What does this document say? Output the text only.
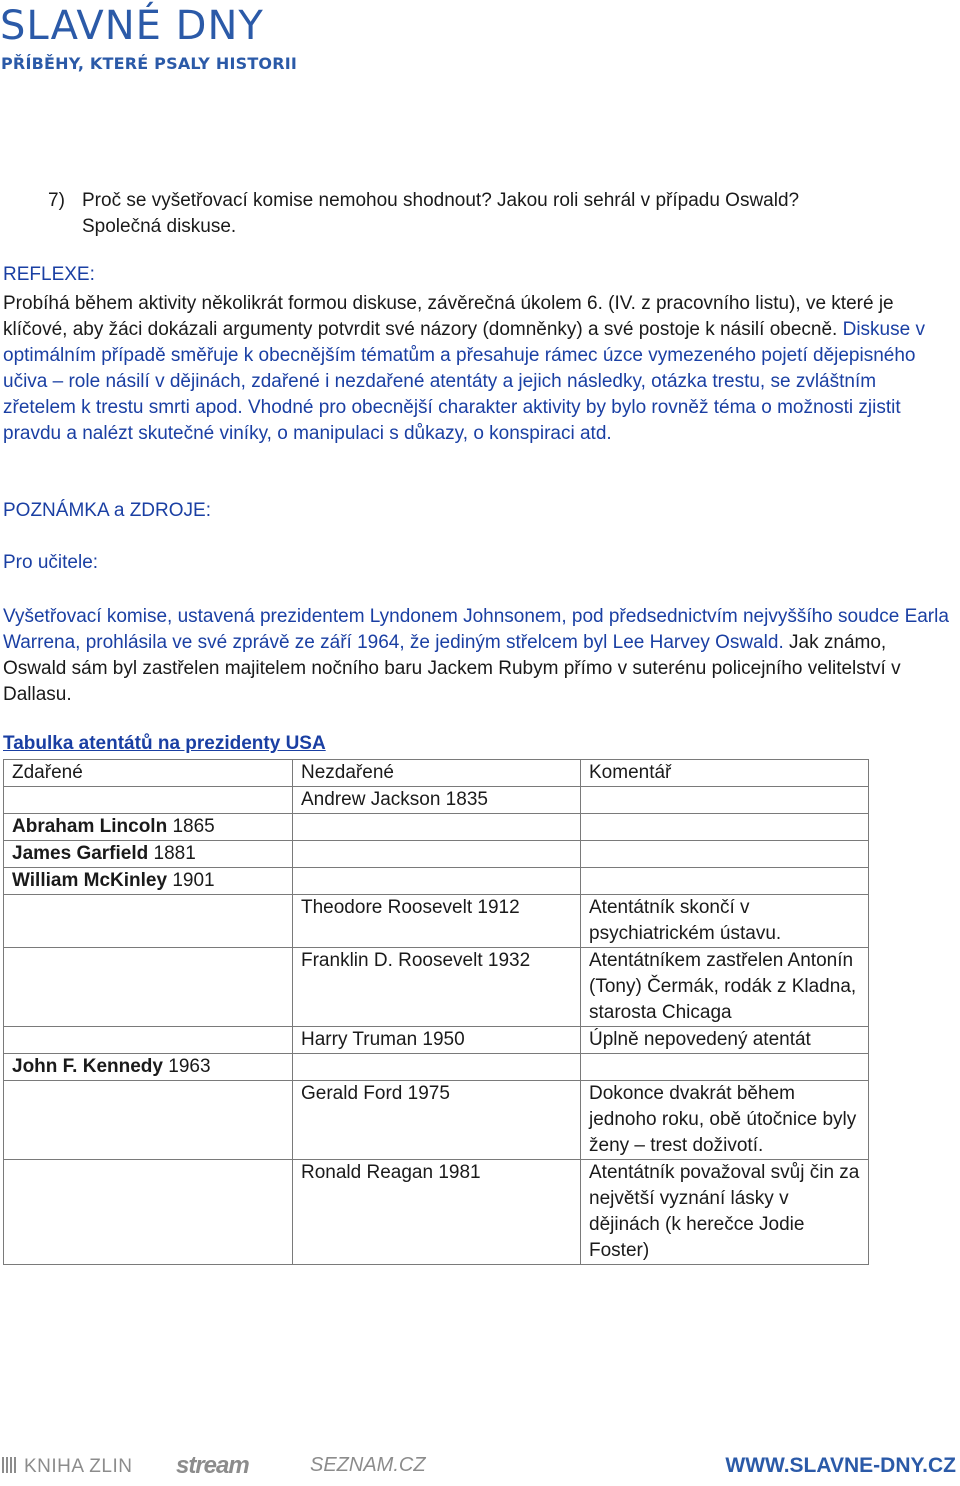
SLAVNÉ DNY
PŘÍBĚHY, KTERÉ PSALY HISTORII
7) Proč se vyšetřovací komise nemohou shodnout? Jakou roli sehrál v případu Oswald?
Společná diskuse.
REFLEXE:
Probíhá během aktivity několikrát formou diskuse, závěrečná úkolem 6. (IV. z pracovního listu), ve které je klíčové, aby žáci dokázali argumenty potvrdit své názory (domněnky) a své postoje k násilí obecně. Diskuse v optimálním případě směřuje k obecnějším tématům a přesahuje rámec úzce vymezeného pojetí dějepisného učiva – role násilí v dějinách, zdařené i nezdařené atentáty a jejich následky, otázka trestu, se zvláštním zřetelem k trestu smrti apod. Vhodné pro obecnější charakter aktivity by bylo rovněž téma o možnosti zjistit pravdu a nalézt skutečné viníky, o manipulaci s důkazy, o konspiraci atd.
POZNÁMKA a ZDROJE:
Pro učitele:
Vyšetřovací komise, ustavená prezidentem Lyndonem Johnsonem, pod předsednictvím nejvyššího soudce Earla Warrena, prohlásila ve své zprávě ze září 1964, že jediným střelcem byl Lee Harvey Oswald. Jak známo, Oswald sám byl zastřelen majitelem nočního baru Jackem Rubym přímo v suterénu policejního velitelství v Dallasu.
Tabulka atentátů na prezidenty USA
Zdařené	Nezdařené	Komentář
	Andrew Jackson 1835	
Abraham Lincoln 1865		
James Garfield 1881		
William McKinley 1901		
	Theodore Roosevelt 1912	Atentátník skončí v psychiatrickém ústavu.
	Franklin D. Roosevelt 1932	Atentátníkem zastřelen Antonín (Tony) Čermák, rodák z Kladna, starosta Chicaga
	Harry Truman 1950	Úplně nepovedený atentát
John F. Kennedy 1963		
	Gerald Ford 1975	Dokonce dvakrát během jednoho roku, obě útočnice byly ženy – trest doživotí.
	Ronald Reagan 1981	Atentátník považoval svůj čin za největší vyznání lásky v dějinách (k herečce Jodie Foster)
KNIHA ZLIN stream	SEZNAM.CZ	WWW.SLAVNE-DNY.CZ
